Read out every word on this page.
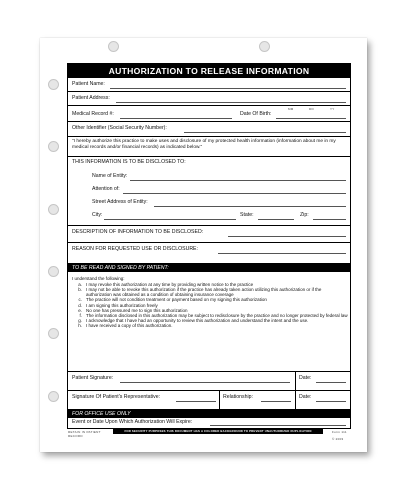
AUTHORIZATION TO RELEASE INFORMATION
Patient Name:
Patient Address:
MM	DD	YY
Medical Record #:	Date Of Birth:
Other Identifier (Social Security Number):
"I hereby authorize this practice to make uses and disclosure of my protected health information (information about me in my medical records and/or financial records) as indicated below."
THIS INFORMATION IS TO BE DISCLOSED TO:
Name of Entity:
Attention of:
Street Address of Entity:
City:	State:	Zip:
DESCRIPTION OF INFORMATION TO BE DISCLOSED:
REASON FOR REQUESTED USE OR DISCLOSURE:
TO BE READ AND SIGNED BY PATIENT:
I understand the following:
a. I may revoke this authorization at any time by providing written notice to the practice
b. I may not be able to revoke this authorization if the practice has already taken action utilizing this authorization or if the authorization was obtained as a condition of obtaining insurance coverage
c. The practice will not condition treatment or payment based on my signing this authorization
d. I am signing this authorization freely
e. No one has pressured me to sign this authorization
f. The information disclosed in this authorization may be subject to redisclosure by the practice and no longer protected by federal law
g. I acknowledge that I have had an opportunity to review this authorization and understand the intent and the use.
h. I have received a copy of this authorization.
Patient Signature:	Date:
Signature Of Patient's Representative:	Relationship:	Date:
FOR OFFICE USE ONLY
Event or Date Upon Which Authorization Will Expire:
RETAIN IN PATIENT
RECORD
FOR SECURITY PURPOSES THIS DOCUMENT HAS A COLORED BACKGROUND TO PREVENT UNAUTHORIZED DUPLICATION	Form 111
© 2003
